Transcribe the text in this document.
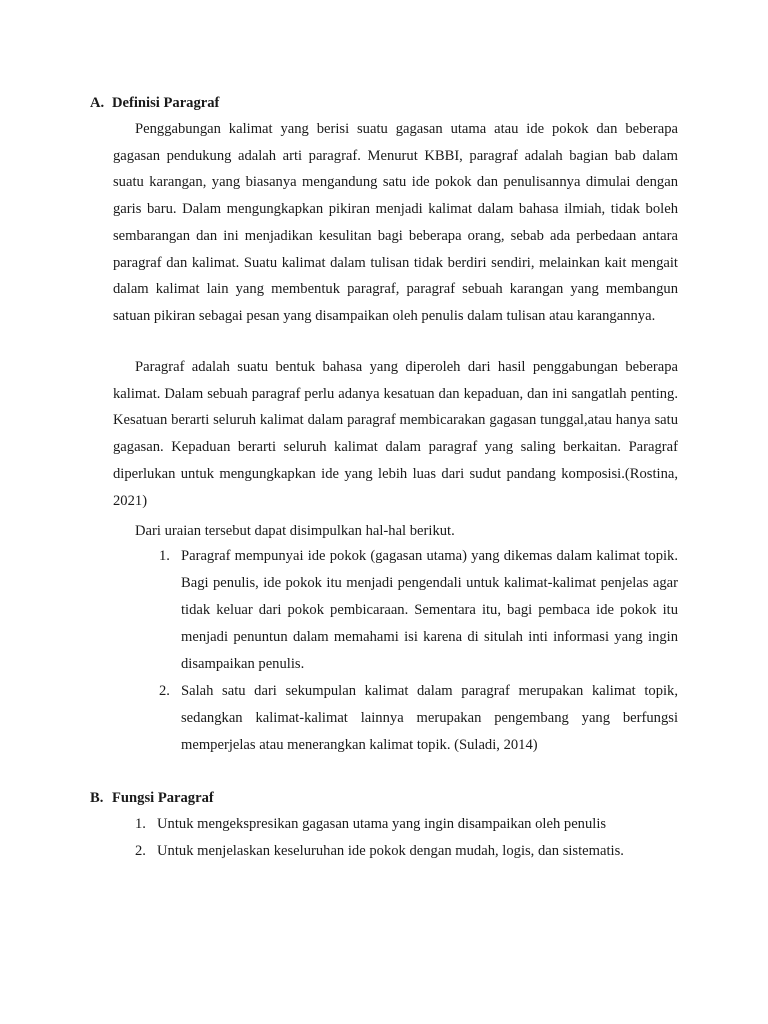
A. Definisi Paragraf

Penggabungan kalimat yang berisi suatu gagasan utama atau ide pokok dan beberapa gagasan pendukung adalah arti paragraf. Menurut KBBI, paragraf adalah bagian bab dalam suatu karangan, yang biasanya mengandung satu ide pokok dan penulisannya dimulai dengan garis baru. Dalam mengungkapkan pikiran menjadi kalimat dalam bahasa ilmiah, tidak boleh sembarangan dan ini menjadikan kesulitan bagi beberapa orang, sebab ada perbedaan antara paragraf dan kalimat. Suatu kalimat dalam tulisan tidak berdiri sendiri, melainkan kait mengait dalam kalimat lain yang membentuk paragraf, paragraf sebuah karangan yang membangun satuan pikiran sebagai pesan yang disampaikan oleh penulis dalam tulisan atau karangannya.

Paragraf adalah suatu bentuk bahasa yang diperoleh dari hasil penggabungan beberapa kalimat. Dalam sebuah paragraf perlu adanya kesatuan dan kepaduan, dan ini sangatlah penting. Kesatuan berarti seluruh kalimat dalam paragraf membicarakan gagasan tunggal,atau hanya satu gagasan. Kepaduan berarti seluruh kalimat dalam paragraf yang saling berkaitan. Paragraf diperlukan untuk mengungkapkan ide yang lebih luas dari sudut pandang komposisi.(Rostina, 2021)

Dari uraian tersebut dapat disimpulkan hal-hal berikut.
1. Paragraf mempunyai ide pokok (gagasan utama) yang dikemas dalam kalimat topik. Bagi penulis, ide pokok itu menjadi pengendali untuk kalimat-kalimat penjelas agar tidak keluar dari pokok pembicaraan. Sementara itu, bagi pembaca ide pokok itu menjadi penuntun dalam memahami isi karena di situlah inti informasi yang ingin disampaikan penulis.
2. Salah satu dari sekumpulan kalimat dalam paragraf merupakan kalimat topik, sedangkan kalimat-kalimat lainnya merupakan pengembang yang berfungsi memperjelas atau menerangkan kalimat topik. (Suladi, 2014)
B. Fungsi Paragraf
1. Untuk mengekspresikan gagasan utama yang ingin disampaikan oleh penulis
2. Untuk menjelaskan keseluruhan ide pokok dengan mudah, logis, dan sistematis.
